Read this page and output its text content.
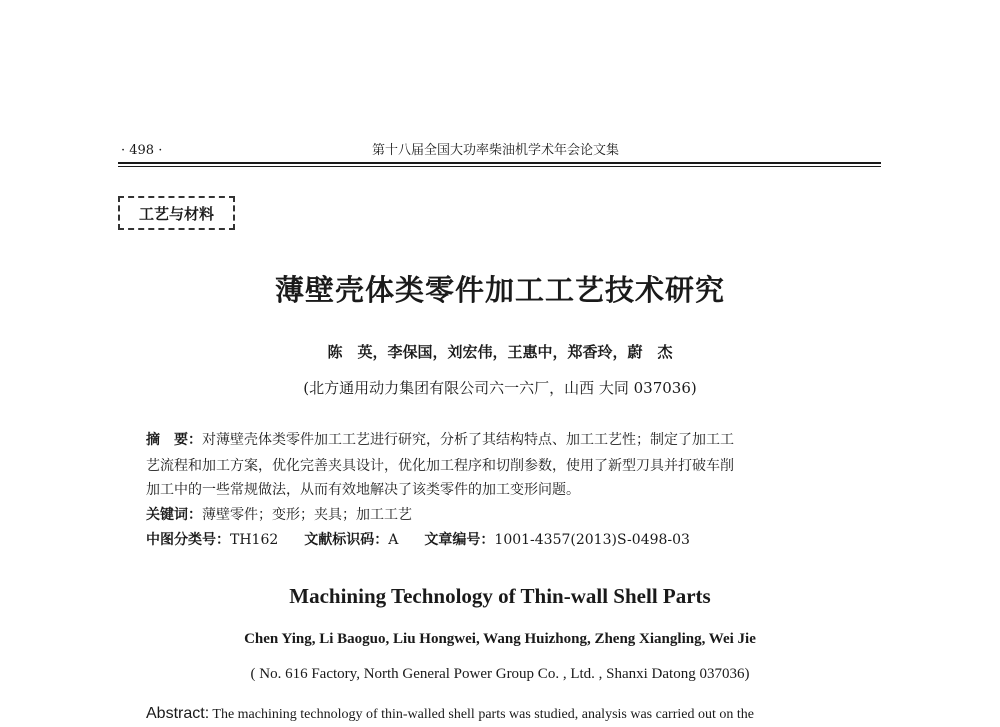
· 498 ·	第十八届全国大功率柴油机学术年会论文集
工艺与材料
薄壁壳体类零件加工工艺技术研究
陈　英，李保国，刘宏伟，王惠中，郑香玲，蔚　杰
(北方通用动力集团有限公司六一六厂，山西 大同 037036)
摘　要：对薄壁壳体类零件加工工艺进行研究，分析了其结构特点、加工工艺性；制定了加工工
艺流程和加工方案，优化完善夹具设计，优化加工程序和切削参数，使用了新型刀具并打破车削
加工中的一些常规做法，从而有效地解决了该类零件的加工变形问题。
关键词：薄壁零件；变形；夹具；加工工艺
中图分类号：TH162 文献标识码：A 文章编号：1001-4357(2013)S-0498-03
Machining Technology of Thin-wall Shell Parts
Chen Ying, Li Baoguo, Liu Hongwei, Wang Huizhong, Zheng Xiangling, Wei Jie
( No. 616 Factory, North General Power Group Co. , Ltd. , Shanxi Datong 037036)
Abstract: The machining technology of thin-walled shell parts was studied, analysis was carried out on the
